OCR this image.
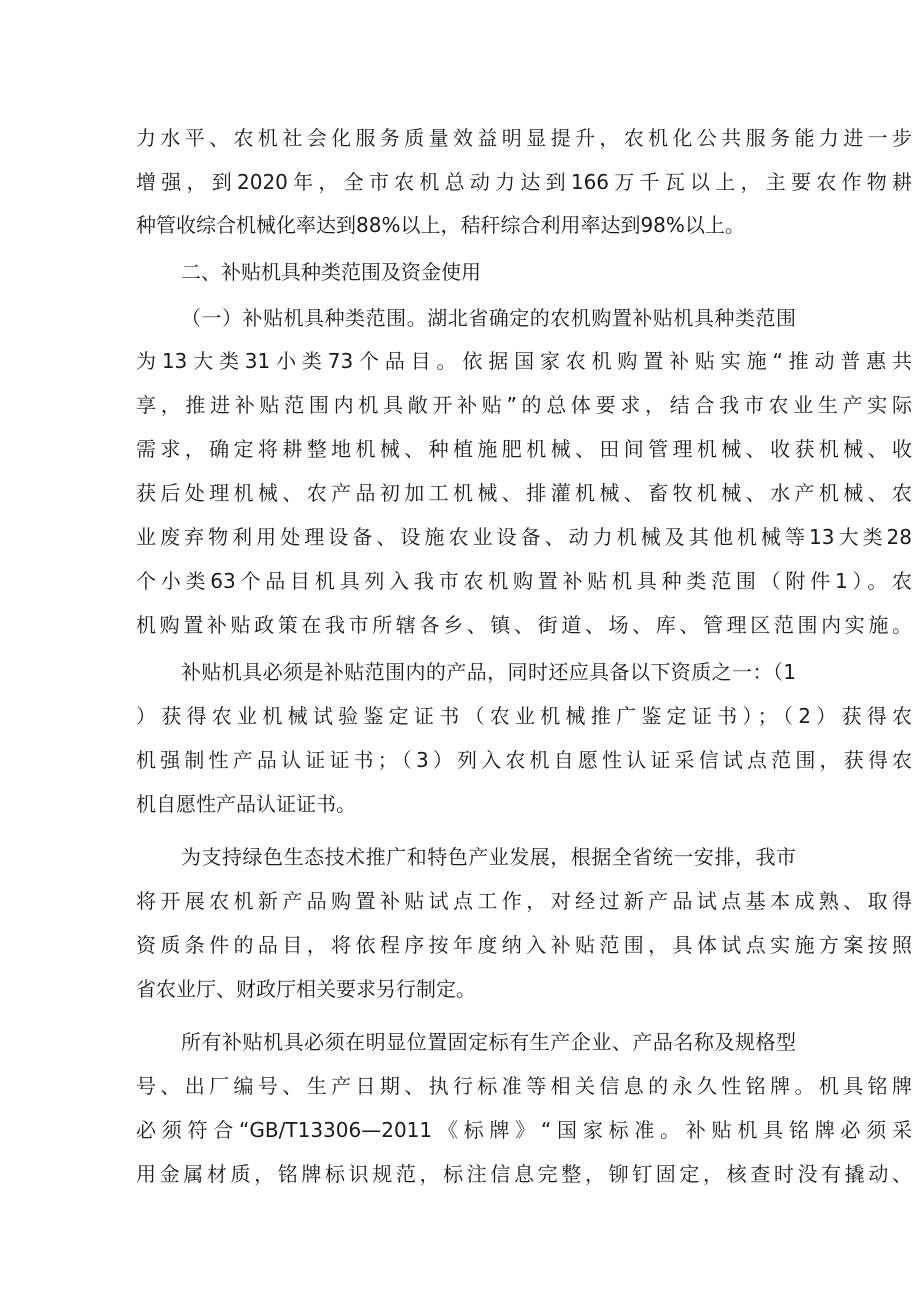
力水平、农机社会化服务质量效益明显提升，农机化公共服务能力进一步
增强，到2020年，全市农机总动力达到166万千瓦以上，主要农作物耕
种管收综合机械化率达到88%以上，秸秆综合利用率达到98%以上。
二、补贴机具种类范围及资金使用
（一）补贴机具种类范围。湖北省确定的农机购置补贴机具种类范围
为13大类31小类73个品目。依据国家农机购置补贴实施“推动普惠共
享，推进补贴范围内机具敞开补贴”的总体要求，结合我市农业生产实际
需求，确定将耕整地机械、种植施肥机械、田间管理机械、收获机械、收
获后处理机械、农产品初加工机械、排灌机械、畜牧机械、水产机械、农
业废弃物利用处理设备、设施农业设备、动力机械及其他机械等13大类28
个小类63个品目机具列入我市农机购置补贴机具种类范围（附件1）。农
机购置补贴政策在我市所辖各乡、镇、街道、场、库、管理区范围内实施。
补贴机具必须是补贴范围内的产品，同时还应具备以下资质之一：（1
）获得农业机械试验鉴定证书（农业机械推广鉴定证书）；（2）获得农
机强制性产品认证证书；（3）列入农机自愿性认证采信试点范围，获得农
机自愿性产品认证证书。
为支持绿色生态技术推广和特色产业发展，根据全省统一安排，我市
将开展农机新产品购置补贴试点工作，对经过新产品试点基本成熟、取得
资质条件的品目，将依程序按年度纳入补贴范围，具体试点实施方案按照
省农业厅、财政厅相关要求另行制定。
所有补贴机具必须在明显位置固定标有生产企业、产品名称及规格型
号、出厂编号、生产日期、执行标准等相关信息的永久性铭牌。机具铭牌
必须符合“GB/T13306—2011《标牌》“国家标准。补贴机具铭牌必须采
用金属材质，铭牌标识规范，标注信息完整，铆钉固定，核查时没有撬动、
